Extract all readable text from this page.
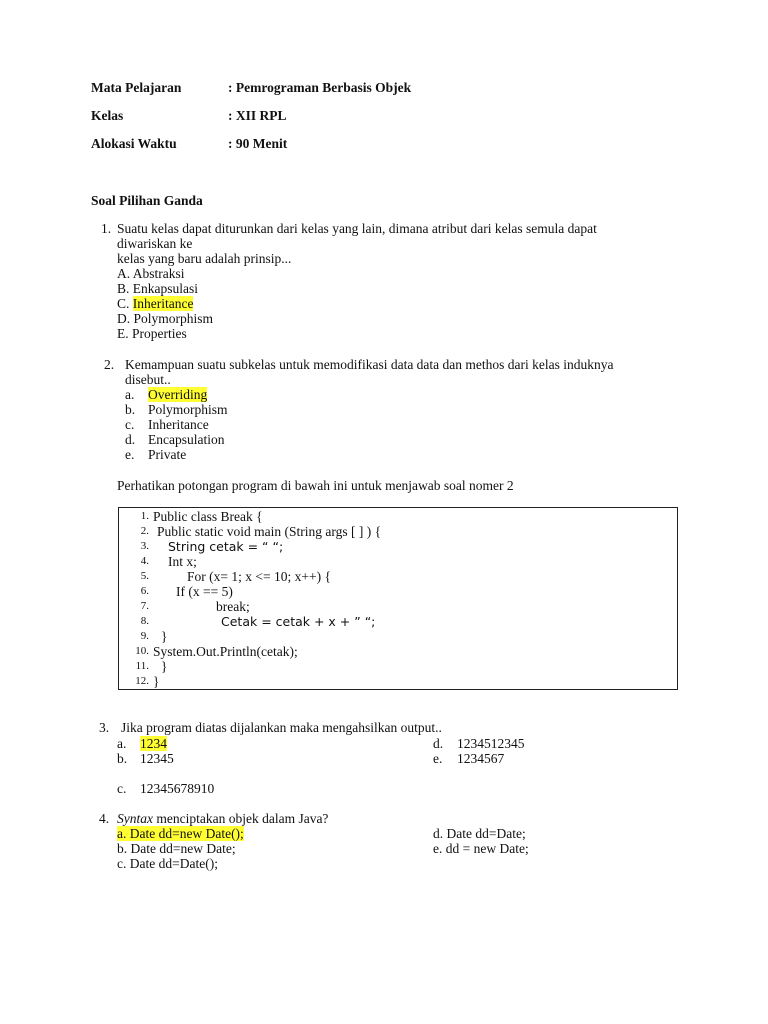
Mata Pelajaran	: Pemrograman Berbasis Objek
Kelas	: XII RPL
Alokasi Waktu	: 90 Menit
Soal Pilihan Ganda
1. Suatu kelas dapat diturunkan dari kelas yang lain, dimana atribut dari kelas semula dapat
diwariskan ke
kelas yang baru adalah prinsip...
A. Abstraksi
B. Enkapsulasi
C. Inheritance
D. Polymorphism
E. Properties
2. Kemampuan suatu subkelas untuk memodifikasi data data dan methos dari kelas induknya
disebut..
a. Overriding
b. Polymorphism
c. Inheritance
d. Encapsulation
e. Private
Perhatikan potongan program di bawah ini untuk menjawab soal nomer 2
1. Public class Break {
2. Public static void main (String args [ ] ) {
3. String cetak = “ “;
4. Int x;
5.	For (x= 1; x <= 10; x++) {
6. If (x == 5)
7.	break;
8.	Cetak = cetak + x + ” “;
9. }
10. System.Out.Println(cetak);
11. }
12. }
3. Jika program diatas dijalankan maka mengahsilkan output..
a. 1234
b. 12345
c. 12345678910
d. 1234512345
e. 1234567
4. Syntax menciptakan objek dalam Java?
a. Date dd=new Date();
b. Date dd=new Date;
c. Date dd=Date();
d. Date dd=Date;
e. dd = new Date;
